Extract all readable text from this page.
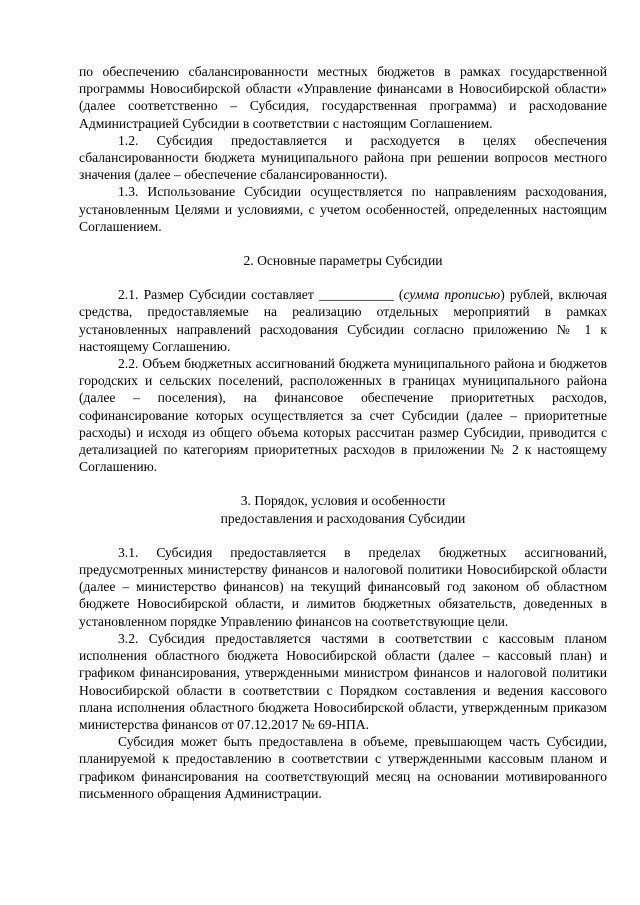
по обеспечению сбалансированности местных бюджетов в рамках государственной программы Новосибирской области «Управление финансами в Новосибирской области» (далее соответственно – Субсидия, государственная программа) и расходование Администрацией Субсидии в соответствии с настоящим Соглашением.

1.2. Субсидия предоставляется и расходуется в целях обеспечения сбалансированности бюджета муниципального района при решении вопросов местного значения (далее – обеспечение сбалансированности).

1.3. Использование Субсидии осуществляется по направлениям расходования, установленным Целями и условиями, с учетом особенностей, определенных настоящим Соглашением.

2. Основные параметры Субсидии

2.1. Размер Субсидии составляет ___________ (сумма прописью) рублей, включая средства, предоставляемые на реализацию отдельных мероприятий в рамках установленных направлений расходования Субсидии согласно приложению № 1 к настоящему Соглашению.

2.2. Объем бюджетных ассигнований бюджета муниципального района и бюджетов городских и сельских поселений, расположенных в границах муниципального района (далее – поселения), на финансовое обеспечение приоритетных расходов, софинансирование которых осуществляется за счет Субсидии (далее – приоритетные расходы) и исходя из общего объема которых рассчитан размер Субсидии, приводится с детализацией по категориям приоритетных расходов в приложении № 2 к настоящему Соглашению.

3. Порядок, условия и особенности
предоставления и расходования Субсидии

3.1. Субсидия предоставляется в пределах бюджетных ассигнований, предусмотренных министерству финансов и налоговой политики Новосибирской области (далее – министерство финансов) на текущий финансовый год законом об областном бюджете Новосибирской области, и лимитов бюджетных обязательств, доведенных в установленном порядке Управлению финансов на соответствующие цели.

3.2. Субсидия предоставляется частями в соответствии с кассовым планом исполнения областного бюджета Новосибирской области (далее – кассовый план) и графиком финансирования, утвержденными министром финансов и налоговой политики Новосибирской области в соответствии с Порядком составления и ведения кассового плана исполнения областного бюджета Новосибирской области, утвержденным приказом министерства финансов от 07.12.2017 № 69-НПА.

Субсидия может быть предоставлена в объеме, превышающем часть Субсидии, планируемой к предоставлению в соответствии с утвержденными кассовым планом и графиком финансирования на соответствующий месяц на основании мотивированного письменного обращения Администрации.
